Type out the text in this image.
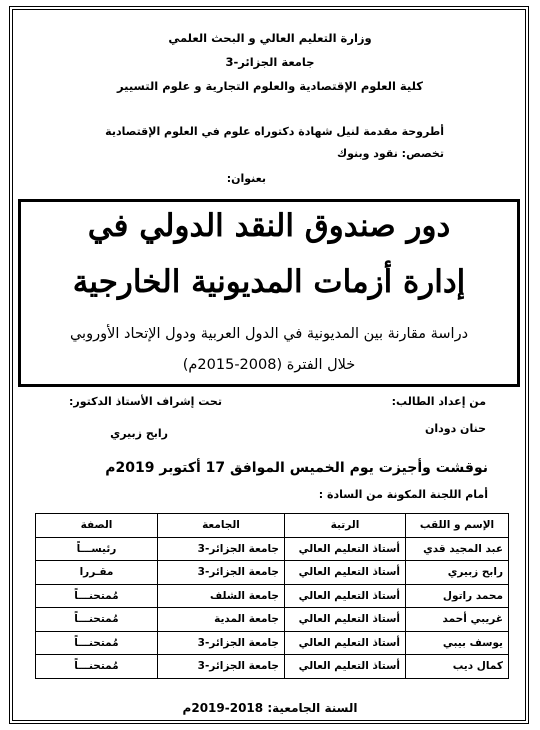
وزارة التعليم العالي و البحث العلمي
جامعة الجزائر-3
كلية العلوم الإقتصادية والعلوم التجارية و علوم التسيير
أطروحة مقدمة لنيل شهادة دكتوراه علوم في العلوم الإقتصادية
تخصص: نقود وبنوك
بعنوان:
دور صندوق النقد الدولي في
إدارة أزمات المديونية الخارجية
دراسة مقارنة بين المديونية في الدول العربية ودول الإتحاد الأوروبي
خلال الفترة (2008-2015م)
من إعداد الطالب:
حنان دودان
تحت إشراف الأستاذ الدكتور:
رابح زبيري
نوقشت وأجيزت يوم الخميس الموافق 17 أكتوبر 2019م
أمام اللجنة المكونة من السادة :
الإسم و اللقب	الرتبة	الجامعة	الصفة
عبد المجيد قدي	أستاذ التعليم العالي	جامعة الجزائر-3	رئيســـاً
رابح زبيري	أستاذ التعليم العالي	جامعة الجزائر-3	مقـررا
محمد راتول	أستاذ التعليم العالي	جامعة الشلف	مُمتحنـــاً
غريبي أحمد	أستاذ التعليم العالي	جامعة المدية	مُمتحنـــاً
يوسف بيبي	أستاذ التعليم العالي	جامعة الجزائر-3	مُمتحنـــاً
كمال ديب	أستاذ التعليم العالي	جامعة الجزائر-3	مُمتحنـــاً
السنة الجامعية: 2018-2019م
